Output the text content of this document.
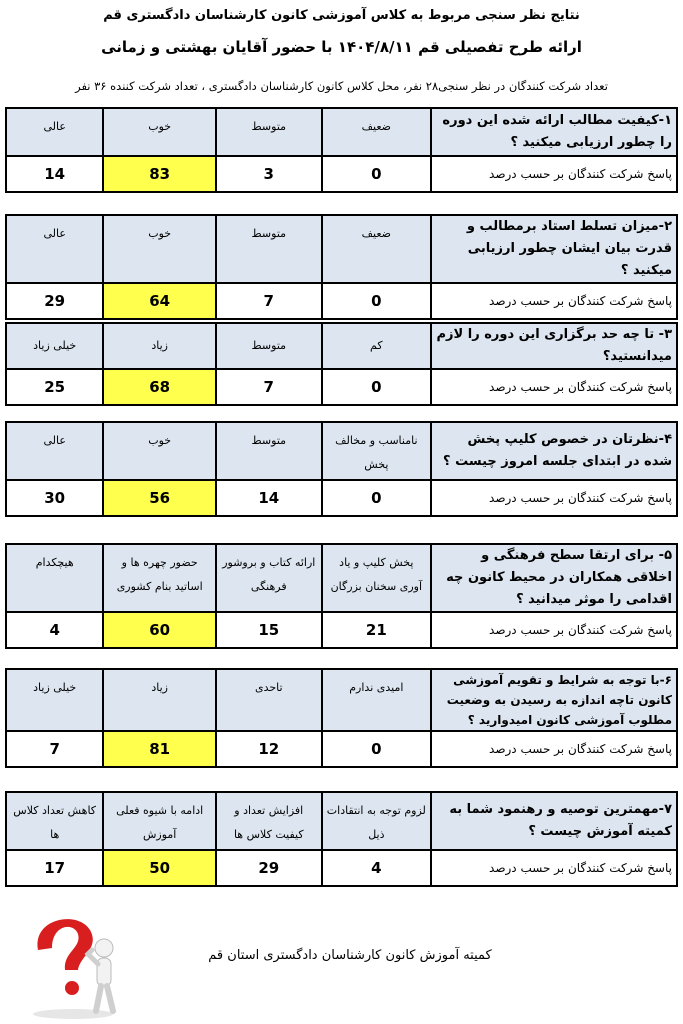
نتایج نظر سنجی مربوط به کلاس آموزشی کانون کارشناسان دادگستری قم
ارائه طرح تفصیلی قم ۱۴۰۴/۸/۱۱ با حضور آقایان بهشتی و زمانی
تعداد شرکت کنندگان در نظر سنجی۲۸ نفر، محل کلاس کانون کارشناسان دادگستری ، تعداد شرکت کننده ۳۶ نفر
۱-کیفیت مطالب ارائه شده این دوره را چطور ارزیابی میکنید ؟	ضعیف	متوسط	خوب	عالی
پاسخ شرکت کنندگان بر حسب درصد	0	3	83	14
۲-میزان تسلط استاد برمطالب و قدرت بیان ایشان چطور ارزیابی میکنید ؟	ضعیف	متوسط	خوب	عالی
پاسخ شرکت کنندگان بر حسب درصد	0	7	64	29
۳- تا چه حد برگزاری این دوره را لازم میدانستید؟	کم	متوسط	زیاد	خیلی زیاد
پاسخ شرکت کنندگان بر حسب درصد	0	7	68	25
۴-نظرتان در خصوص کلیپ پخش شده در ابتدای جلسه امروز چیست ؟	نامناسب و مخالف پخش	متوسط	خوب	عالی
پاسخ شرکت کنندگان بر حسب درصد	0	14	56	30
۵- برای ارتقا سطح فرهنگی و اخلاقی همکاران در محیط کانون چه اقدامی را موثر میدانید ؟	پخش کلیپ و یاد آوری سخنان بزرگان	ارائه کتاب و بروشور فرهنگی	حضور چهره ها و اساتید بنام کشوری	هیچکدام
پاسخ شرکت کنندگان بر حسب درصد	21	15	60	4
۶-با توجه به شرایط و تقویم آموزشی کانون تاچه اندازه به رسیدن به وضعیت مطلوب آموزشی کانون امیدوارید ؟	امیدی ندارم	تاحدی	زیاد	خیلی زیاد
پاسخ شرکت کنندگان بر حسب درصد	0	12	81	7
۷-مهمترین توصیه و رهنمود شما به کمیته آموزش چیست ؟	لزوم توجه به انتقادات ذیل	افزایش تعداد و کیفیت کلاس ها	ادامه با شیوه فعلی آموزش	کاهش تعداد کلاس ها
پاسخ شرکت کنندگان بر حسب درصد	4	29	50	17
کمیته آموزش کانون کارشناسان دادگستری استان قم
